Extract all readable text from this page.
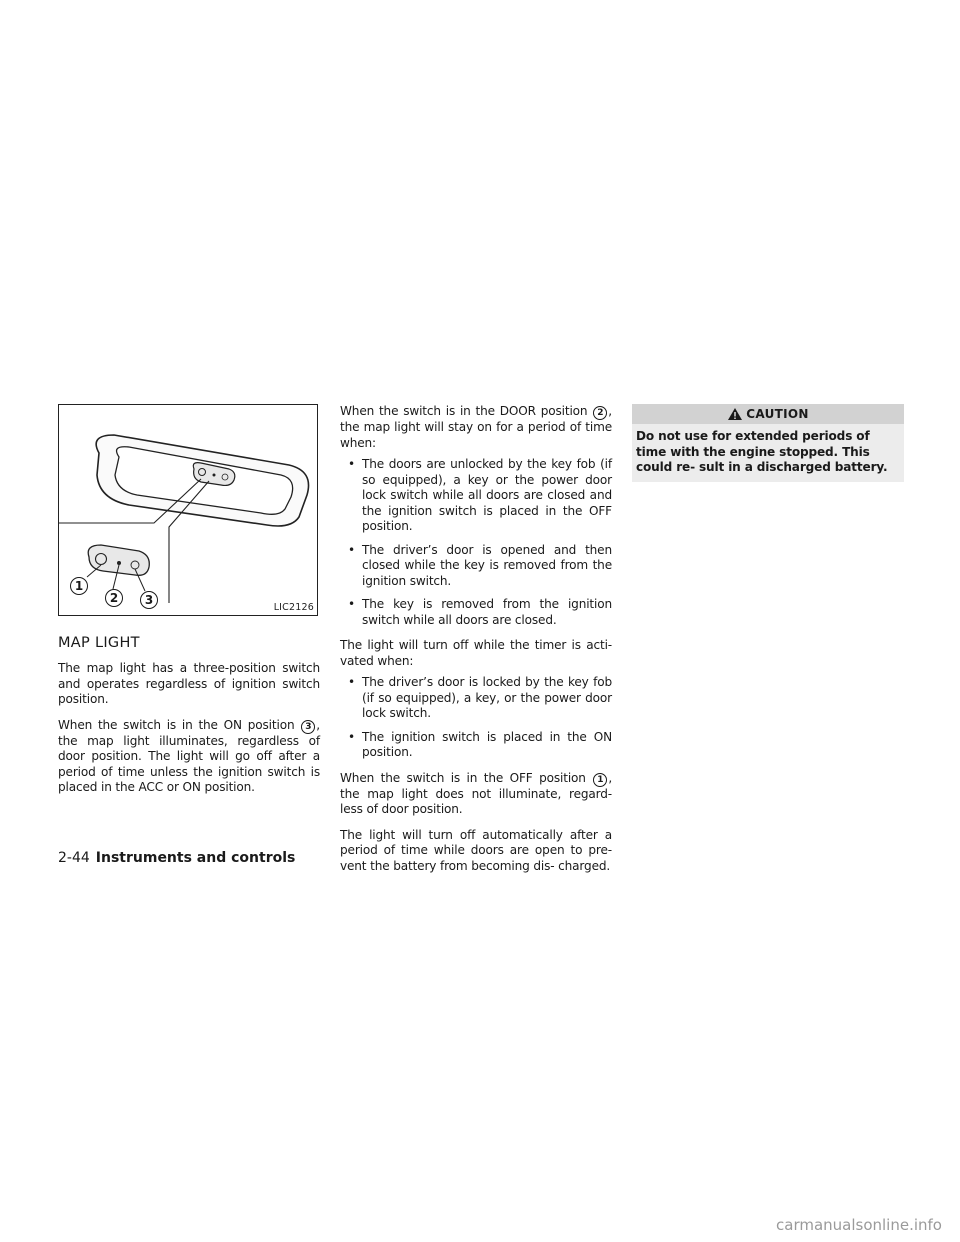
1
2	3
LIC2126
MAP LIGHT

The map light has a three-position switch and operates regardless of ignition switch position.

When the switch is in the ON position 3 , the map light illuminates, regardless of door position. The light will go off after a period of time unless the ignition switch is placed in the ACC or ON position.

When the switch is in the DOOR position 2 , the map light will stay on for a period of time when:

• The doors are unlocked by the key fob (if so equipped), a key or the power door lock switch while all doors are closed and the ignition switch is placed in the OFF position.
• The driver’s door is opened and then closed while the key is removed from the ignition switch.
• The key is removed from the ignition switch while all doors are closed.

The light will turn off while the timer is acti- vated when:

• The driver’s door is locked by the key fob (if so equipped), a key, or the power door lock switch.
• The ignition switch is placed in the ON position.

When the switch is in the OFF position 1 , the map light does not illuminate, regard- less of door position.

The light will turn off automatically after a period of time while doors are open to pre- vent the battery from becoming dis- charged.

CAUTION
Do not use for extended periods of time with the engine stopped. This could re- sult in a discharged battery.
2-44 Instruments and controls
carmanualsonline.info
